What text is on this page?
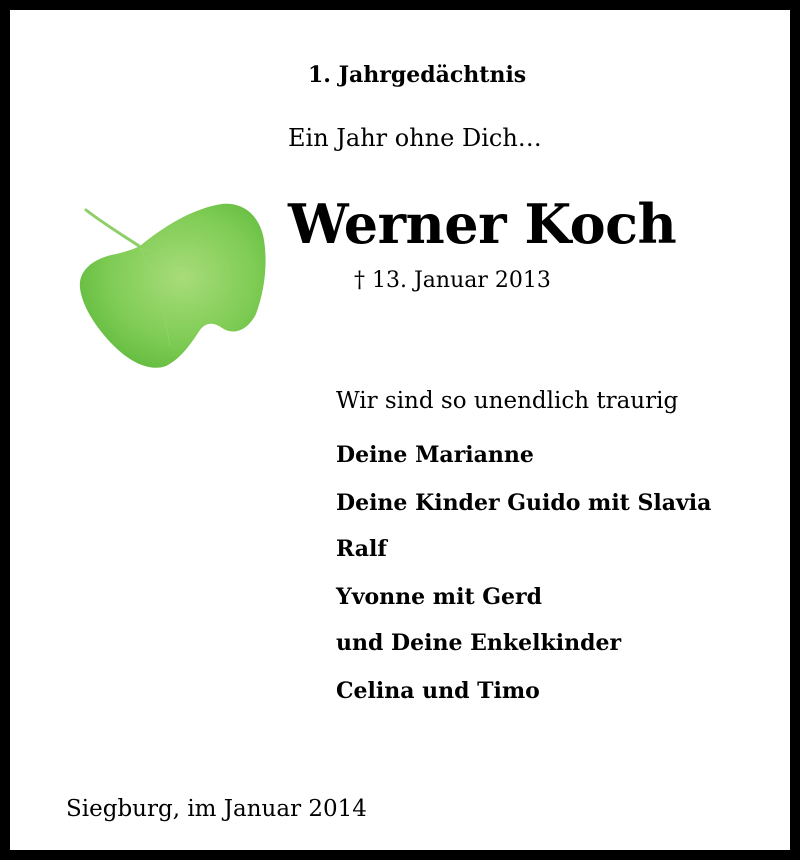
1. Jahrgedächtnis

Ein Jahr ohne Dich…

Werner Koch

† 13. Januar 2013

Wir sind so unendlich traurig

Deine Marianne

Deine Kinder Guido mit Slavia

Ralf

Yvonne mit Gerd

und Deine Enkelkinder

Celina und Timo

Siegburg, im Januar 2014
